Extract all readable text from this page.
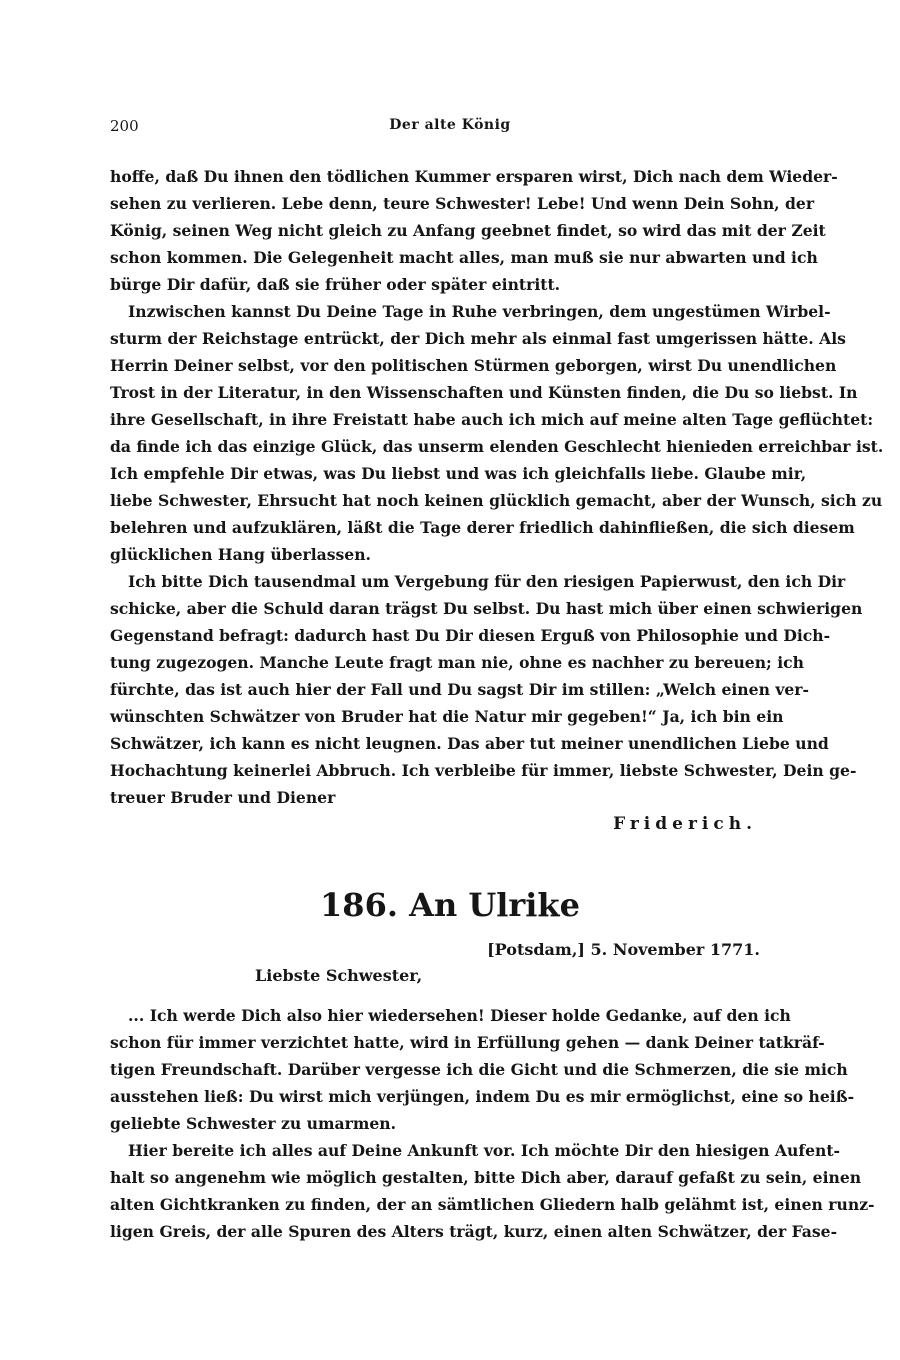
200	Der alte König
hoffe, daß Du ihnen den tödlichen Kummer ersparen wirst, Dich nach dem Wieder-
sehen zu verlieren. Lebe denn, teure Schwester! Lebe! Und wenn Dein Sohn, der
König, seinen Weg nicht gleich zu Anfang geebnet findet, so wird das mit der Zeit
schon kommen. Die Gelegenheit macht alles, man muß sie nur abwarten und ich
bürge Dir dafür, daß sie früher oder später eintritt.
Inzwischen kannst Du Deine Tage in Ruhe verbringen, dem ungestümen Wirbel-
sturm der Reichstage entrückt, der Dich mehr als einmal fast umgerissen hätte. Als
Herrin Deiner selbst, vor den politischen Stürmen geborgen, wirst Du unendlichen
Trost in der Literatur, in den Wissenschaften und Künsten finden, die Du so liebst. In
ihre Gesellschaft, in ihre Freistatt habe auch ich mich auf meine alten Tage geflüchtet:
da finde ich das einzige Glück, das unserm elenden Geschlecht hienieden erreichbar ist.
Ich empfehle Dir etwas, was Du liebst und was ich gleichfalls liebe. Glaube mir,
liebe Schwester, Ehrsucht hat noch keinen glücklich gemacht, aber der Wunsch, sich zu
belehren und aufzuklären, läßt die Tage derer friedlich dahinfließen, die sich diesem
glücklichen Hang überlassen.
Ich bitte Dich tausendmal um Vergebung für den riesigen Papierwust, den ich Dir
schicke, aber die Schuld daran trägst Du selbst. Du hast mich über einen schwierigen
Gegenstand befragt: dadurch hast Du Dir diesen Erguß von Philosophie und Dich-
tung zugezogen. Manche Leute fragt man nie, ohne es nachher zu bereuen; ich
fürchte, das ist auch hier der Fall und Du sagst Dir im stillen: „Welch einen ver-
wünschten Schwätzer von Bruder hat die Natur mir gegeben!“ Ja, ich bin ein
Schwätzer, ich kann es nicht leugnen. Das aber tut meiner unendlichen Liebe und
Hochachtung keinerlei Abbruch. Ich verbleibe für immer, liebste Schwester, Dein ge-
treuer Bruder und Diener
Friderich.
186. An Ulrike
[Potsdam,] 5. November 1771.
Liebste Schwester,
... Ich werde Dich also hier wiedersehen! Dieser holde Gedanke, auf den ich
schon für immer verzichtet hatte, wird in Erfüllung gehen — dank Deiner tatkräf-
tigen Freundschaft. Darüber vergesse ich die Gicht und die Schmerzen, die sie mich
ausstehen ließ: Du wirst mich verjüngen, indem Du es mir ermöglichst, eine so heiß-
geliebte Schwester zu umarmen.
Hier bereite ich alles auf Deine Ankunft vor. Ich möchte Dir den hiesigen Aufent-
halt so angenehm wie möglich gestalten, bitte Dich aber, darauf gefaßt zu sein, einen
alten Gichtkranken zu finden, der an sämtlichen Gliedern halb gelähmt ist, einen runz-
ligen Greis, der alle Spuren des Alters trägt, kurz, einen alten Schwätzer, der Fase-
